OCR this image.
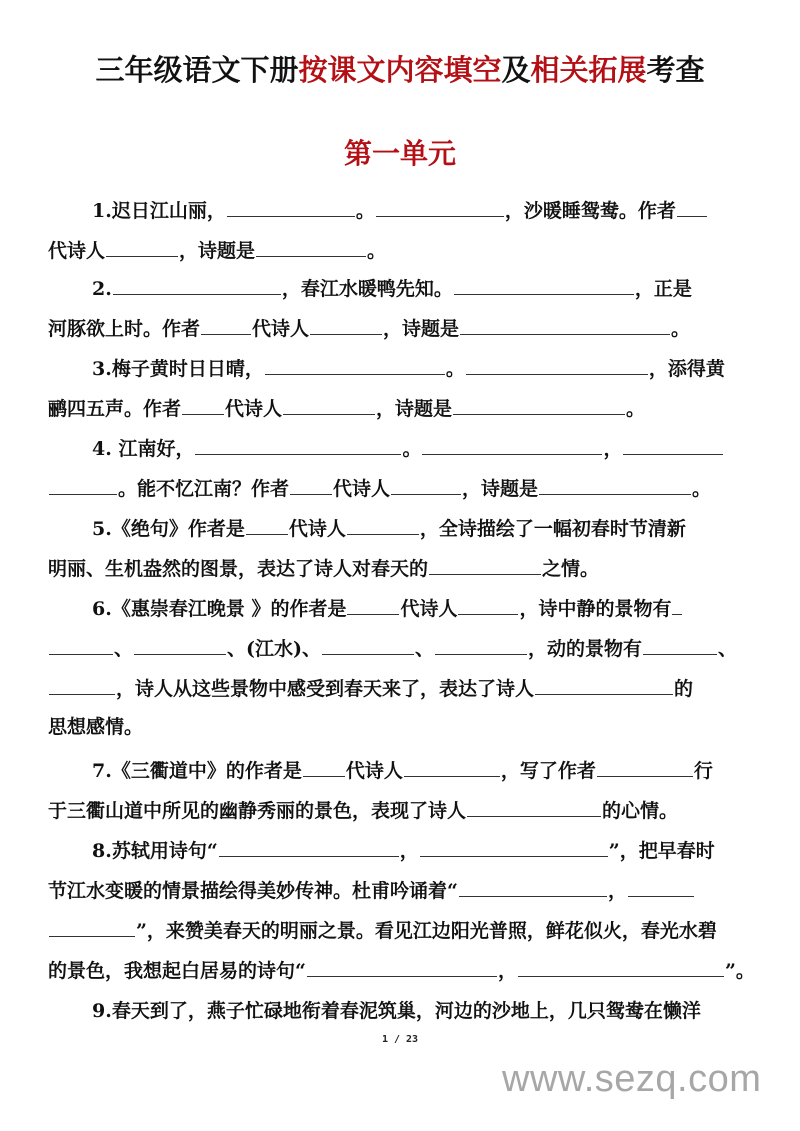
三年级语文下册按课文内容填空及相关拓展考查
第一单元
1.迟日江山丽，	。	，沙暖睡鸳鸯。作者
代诗人	，诗题是	。
2.	，春江水暖鸭先知。	，正是
河豚欲上时。作者	代诗人	，诗题是	。
3.梅子黄时日日晴，	。	，添得黄
鹂四五声。作者 代诗人	，诗题是	。
4. 江南好，	。	，
。能不忆江南？作者 代诗人	，诗题是	。
5.《绝句》作者是 代诗人	，全诗描绘了一幅初春时节清新
明丽、生机盎然的图景，表达了诗人对春天的	之情。
6.《惠崇春江晚景 》的作者是	代诗人	，诗中静的景物有
、	、(江水)、	、	，动的景物有	、
，诗人从这些景物中感受到春天来了，表达了诗人	的
思想感情。
7.《三衢道中》的作者是 代诗人	，写了作者	行
于三衢山道中所见的幽静秀丽的景色，表现了诗人	的心情。
8.苏轼用诗句“	，	”，把早春时
节江水变暖的情景描绘得美妙传神。杜甫吟诵着“	，
”，来赞美春天的明丽之景。看见江边阳光普照，鲜花似火，春光水碧
的景色，我想起白居易的诗句“	，	”。
9.春天到了，燕子忙碌地衔着春泥筑巢，河边的沙地上，几只鸳鸯在懒洋
1 / 23
www.sezq.com
